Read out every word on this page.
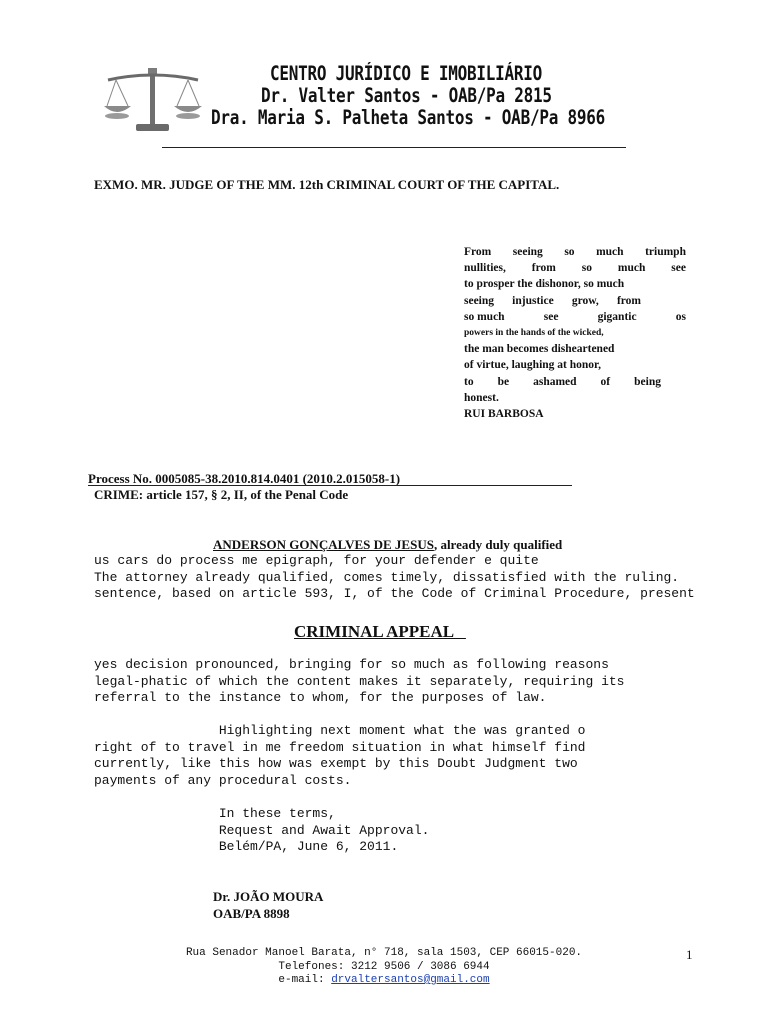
CENTRO JURÍDICO E IMOBILIÁRIO
Dr. Valter Santos - OAB/Pa 2815
Dra. Maria S. Palheta Santos - OAB/Pa 8966
EXMO. MR. JUDGE OF THE MM. 12th CRIMINAL COURT OF THE CAPITAL.
From seeing so much triumph
nullities, from so much see
to prosper the dishonor, so much
seeing injustice grow, from
so much	see	gigantic	os
powers in the hands of the wicked,
the man becomes disheartened
of virtue, laughing at honor,
to be ashamed of being
honest.
RUI BARBOSA
Process No. 0005085-38.2010.814.0401 (2010.2.015058-1)
CRIME: article 157, § 2, II, of the Penal Code
ANDERSON GONÇALVES DE JESUS, already duly qualified
us cars do process me epigraph, for your defender e quite
The attorney already qualified, comes timely, dissatisfied with the ruling.
sentence, based on article 593, I, of the Code of Criminal Procedure, present
CRIMINAL APPEAL
yes decision pronounced, bringing for so much as following reasons
legal-phatic of which the content makes it separately, requiring its
referral to the instance to whom, for the purposes of law.
Highlighting next moment what the was granted o
right of to travel in me freedom situation in what himself find
currently, like this how was exempt by this Doubt Judgment two
payments of any procedural costs.
In these terms,
Request and Await Approval.
Belém/PA, June 6, 2011.
Dr. JOÃO MOURA
OAB/PA 8898
Rua Senador Manoel Barata, n° 718, sala 1503, CEP 66015-020.
Telefones: 3212 9506 / 3086 6944
e-mail: drvaltersantos@gmail.com
1
